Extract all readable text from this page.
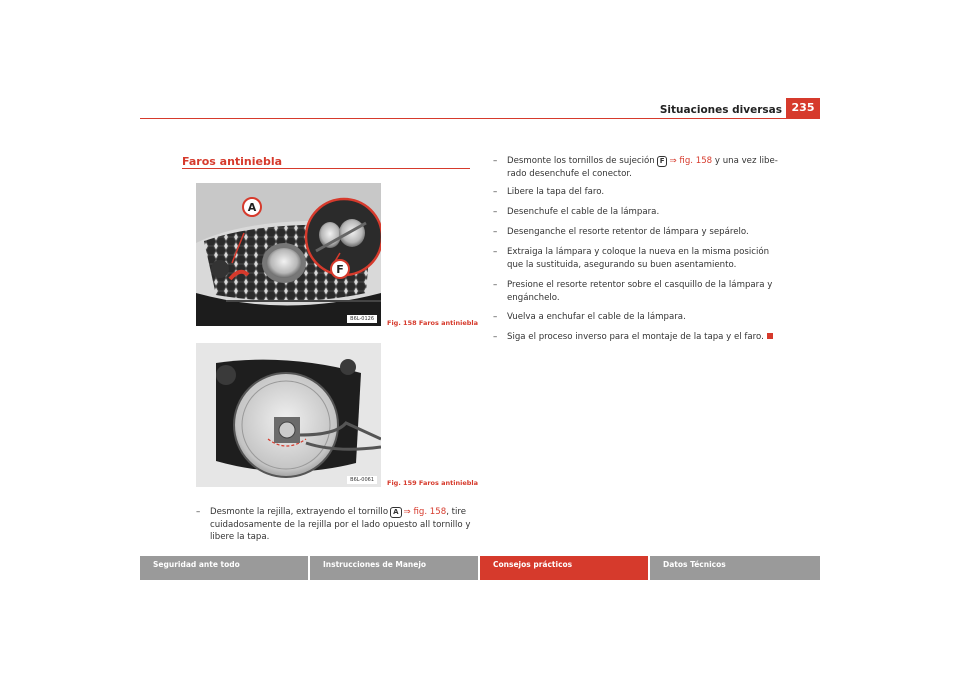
Situaciones diversas 235
Faros antiniebla
A
F
B6L-0126	Fig. 158 Faros antiniebla
B6L-0061	Fig. 159 Faros antiniebla
– Desmonte la rejilla, extrayendo el tornillo A ⇒ fig. 158, tire cuidadosamente de la rejilla por el lado opuesto all tornillo y libere la tapa.
– Desmonte los tornillos de sujeción F ⇒ fig. 158 y una vez libe- rado desenchufe el conector.
– Libere la tapa del faro.
– Desenchufe el cable de la lámpara.
– Desenganche el resorte retentor de lámpara y sepárelo.
– Extraiga la lámpara y coloque la nueva en la misma posición que la sustituida, asegurando su buen asentamiento.
– Presione el resorte retentor sobre el casquillo de la lámpara y engánchelo.
– Vuelva a enchufar el cable de la lámpara.
– Siga el proceso inverso para el montaje de la tapa y el faro.
Seguridad ante todo	Instrucciones de Manejo	Consejos prácticos	Datos Técnicos
